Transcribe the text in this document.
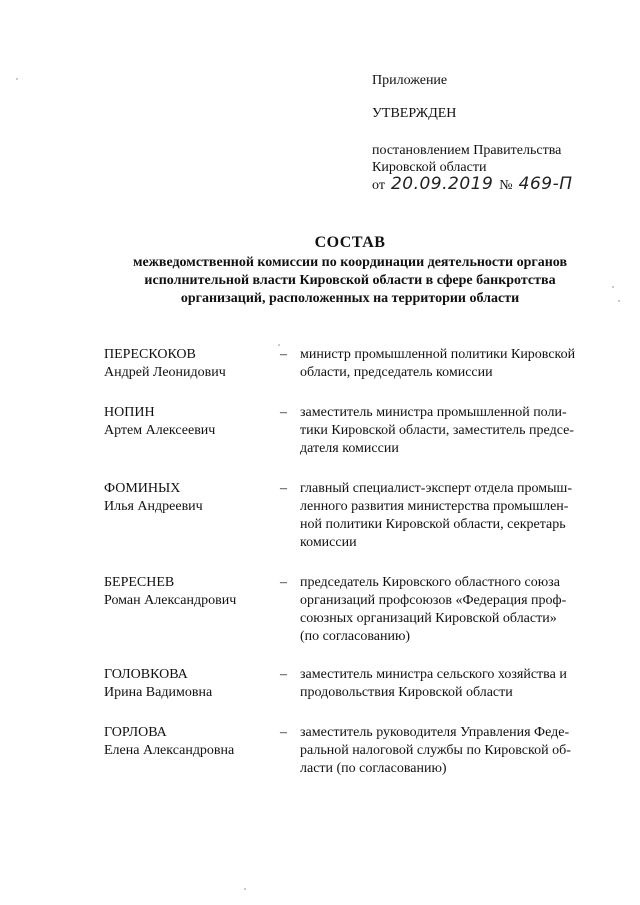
Приложение
УТВЕРЖДЕН
постановлением Правительства
Кировской области
от 20.09.2019 № 469-П
СОСТАВ
межведомственной комиссии по координации деятельности органов
исполнительной власти Кировской области в сфере банкротства
организаций, расположенных на территории области
ПЕРЕСКОКОВ
Андрей Леонидович
– министр промышленной политики Кировской
области, председатель комиссии
НОПИН
Артем Алексеевич
– заместитель министра промышленной поли-
тики Кировской области, заместитель предсе-
дателя комиссии
ФОМИНЫХ
Илья Андреевич
– главный специалист-эксперт отдела промыш-
ленного развития министерства промышлен-
ной политики Кировской области, секретарь
комиссии
БЕРЕСНЕВ
Роман Александрович
– председатель Кировского областного союза
организаций профсоюзов «Федерация проф-
союзных организаций Кировской области»
(по согласованию)
ГОЛОВКОВА
Ирина Вадимовна
– заместитель министра сельского хозяйства и
продовольствия Кировской области
ГОРЛОВА
Елена Александровна
– заместитель руководителя Управления Феде-
ральной налоговой службы по Кировской об-
ласти (по согласованию)
